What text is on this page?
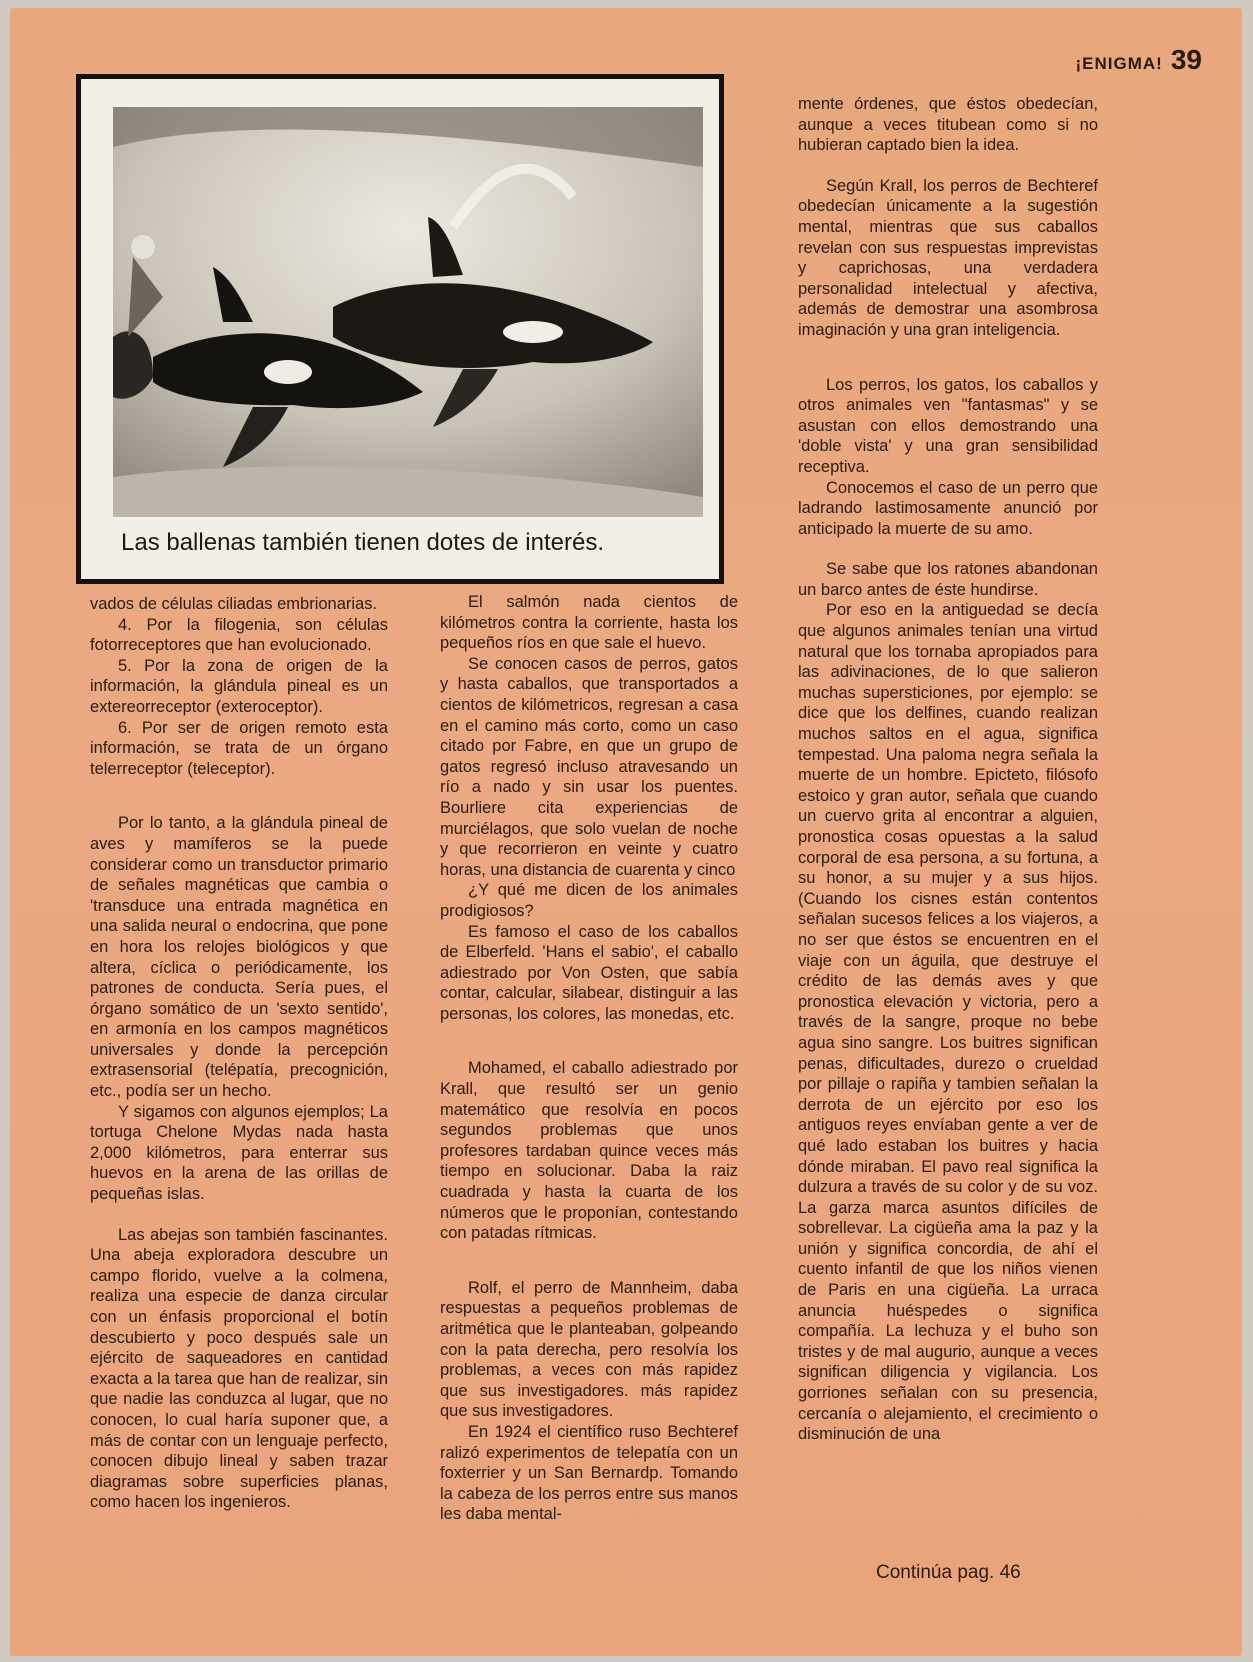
¡ENIGMA! 39
Las ballenas también tienen dotes de interés.

vados de células ciliadas embrionarias.

4. Por la filogenia, son células fotorreceptores que han evolucionado.

5. Por la zona de origen de la información, la glándula pineal es un extereorreceptor (exteroceptor).

6. Por ser de origen remoto esta información, se trata de un órgano telerreceptor (teleceptor).

Por lo tanto, a la glándula pineal de aves y mamíferos se la puede considerar como un transductor primario de señales magnéticas que cambia o 'transduce una entrada magnética en una salida neural o endocrina, que pone en hora los relojes biológicos y que altera, cíclica o periódicamente, los patrones de conducta. Sería pues, el órgano somático de un 'sexto sentido', en armonía en los campos magnéticos universales y donde la percepción extrasensorial (telépatía, precognición, etc., podía ser un hecho.

Y sigamos con algunos ejemplos; La tortuga Chelone Mydas nada hasta 2,000 kilómetros, para enterrar sus huevos en la arena de las orillas de pequeñas islas.

Las abejas son también fascinantes. Una abeja exploradora descubre un campo florido, vuelve a la colmena, realiza una especie de danza circular con un énfasis proporcional el botín descubierto y poco después sale un ejército de saqueadores en cantidad exacta a la tarea que han de realizar, sin que nadie las conduzca al lugar, que no conocen, lo cual haría suponer que, a más de contar con un lenguaje perfecto, conocen dibujo lineal y saben trazar diagramas sobre superficies planas, como hacen los ingenieros.

El salmón nada cientos de kilómetros contra la corriente, hasta los pequeños ríos en que sale el huevo.

Se conocen casos de perros, gatos y hasta caballos, que transportados a cientos de kilómetricos, regresan a casa en el camino más corto, como un caso citado por Fabre, en que un grupo de gatos regresó incluso atravesando un río a nado y sin usar los puentes. Bourliere cita experiencias de murciélagos, que solo vuelan de noche y que recorrieron en veinte y cuatro horas, una distancia de cuarenta y cinco

¿Y qué me dicen de los animales prodigiosos?

Es famoso el caso de los caballos de Elberfeld. 'Hans el sabio', el caballo adiestrado por Von Osten, que sabía contar, calcular, silabear, distinguir a las personas, los colores, las monedas, etc.

Mohamed, el caballo adiestrado por Krall, que resultó ser un genio matemático que resolvía en pocos segundos problemas que unos profesores tardaban quince veces más tiempo en solucionar. Daba la raiz cuadrada y hasta la cuarta de los números que le proponían, contestando con patadas rítmicas.

Rolf, el perro de Mannheim, daba respuestas a pequeños problemas de aritmética que le planteaban, golpeando con la pata derecha, pero resolvía los problemas, a veces con más rapidez que sus investigadores. más rapidez que sus investigadores.

En 1924 el científico ruso Bechteref ralizó experimentos de telepatía con un foxterrier y un San Bernardp. Tomando la cabeza de los perros entre sus manos les daba mental-

mente órdenes, que éstos obedecían, aunque a veces titubean como si no hubieran captado bien la idea.

Según Krall, los perros de Bechteref obedecían únicamente a la sugestión mental, mientras que sus caballos revelan con sus respuestas imprevistas y caprichosas, una verdadera personalidad intelectual y afectiva, además de demostrar una asombrosa imaginación y una gran inteligencia.

Los perros, los gatos, los caballos y otros animales ven "fantasmas" y se asustan con ellos demostrando una 'doble vista' y una gran sensibilidad receptiva.

Conocemos el caso de un perro que ladrando lastimosamente anunció por anticipado la muerte de su amo.

Se sabe que los ratones abandonan un barco antes de éste hundirse.

Por eso en la antiguedad se decía que algunos animales tenían una virtud natural que los tornaba apropiados para las adivinaciones, de lo que salieron muchas supersticiones, por ejemplo: se dice que los delfines, cuando realizan muchos saltos en el agua, significa tempestad. Una paloma negra señala la muerte de un hombre. Epicteto, filósofo estoico y gran autor, señala que cuando un cuervo grita al encontrar a alguien, pronostica cosas opuestas a la salud corporal de esa persona, a su fortuna, a su honor, a su mujer y a sus hijos. (Cuando los cisnes están contentos señalan sucesos felices a los viajeros, a no ser que éstos se encuentren en el viaje con un águila, que destruye el crédito de las demás aves y que pronostica elevación y victoria, pero a través de la sangre, proque no bebe agua sino sangre. Los buitres significan penas, dificultades, durezo o crueldad por pillaje o rapiña y tambien señalan la derrota de un ejército por eso los antiguos reyes envíaban gente a ver de qué lado estaban los buitres y hacia dónde miraban. El pavo real significa la dulzura a través de su color y de su voz. La garza marca asuntos difíciles de sobrellevar. La cigüeña ama la paz y la unión y significa concordia, de ahí el cuento infantil de que los niños vienen de Paris en una cigüeña. La urraca anuncia huéspedes o significa compañía. La lechuza y el buho son tristes y de mal augurio, aunque a veces significan diligencia y vigilancia. Los gorriones señalan con su presencia, cercanía o alejamiento, el crecimiento o disminución de una

Continúa pag. 46
